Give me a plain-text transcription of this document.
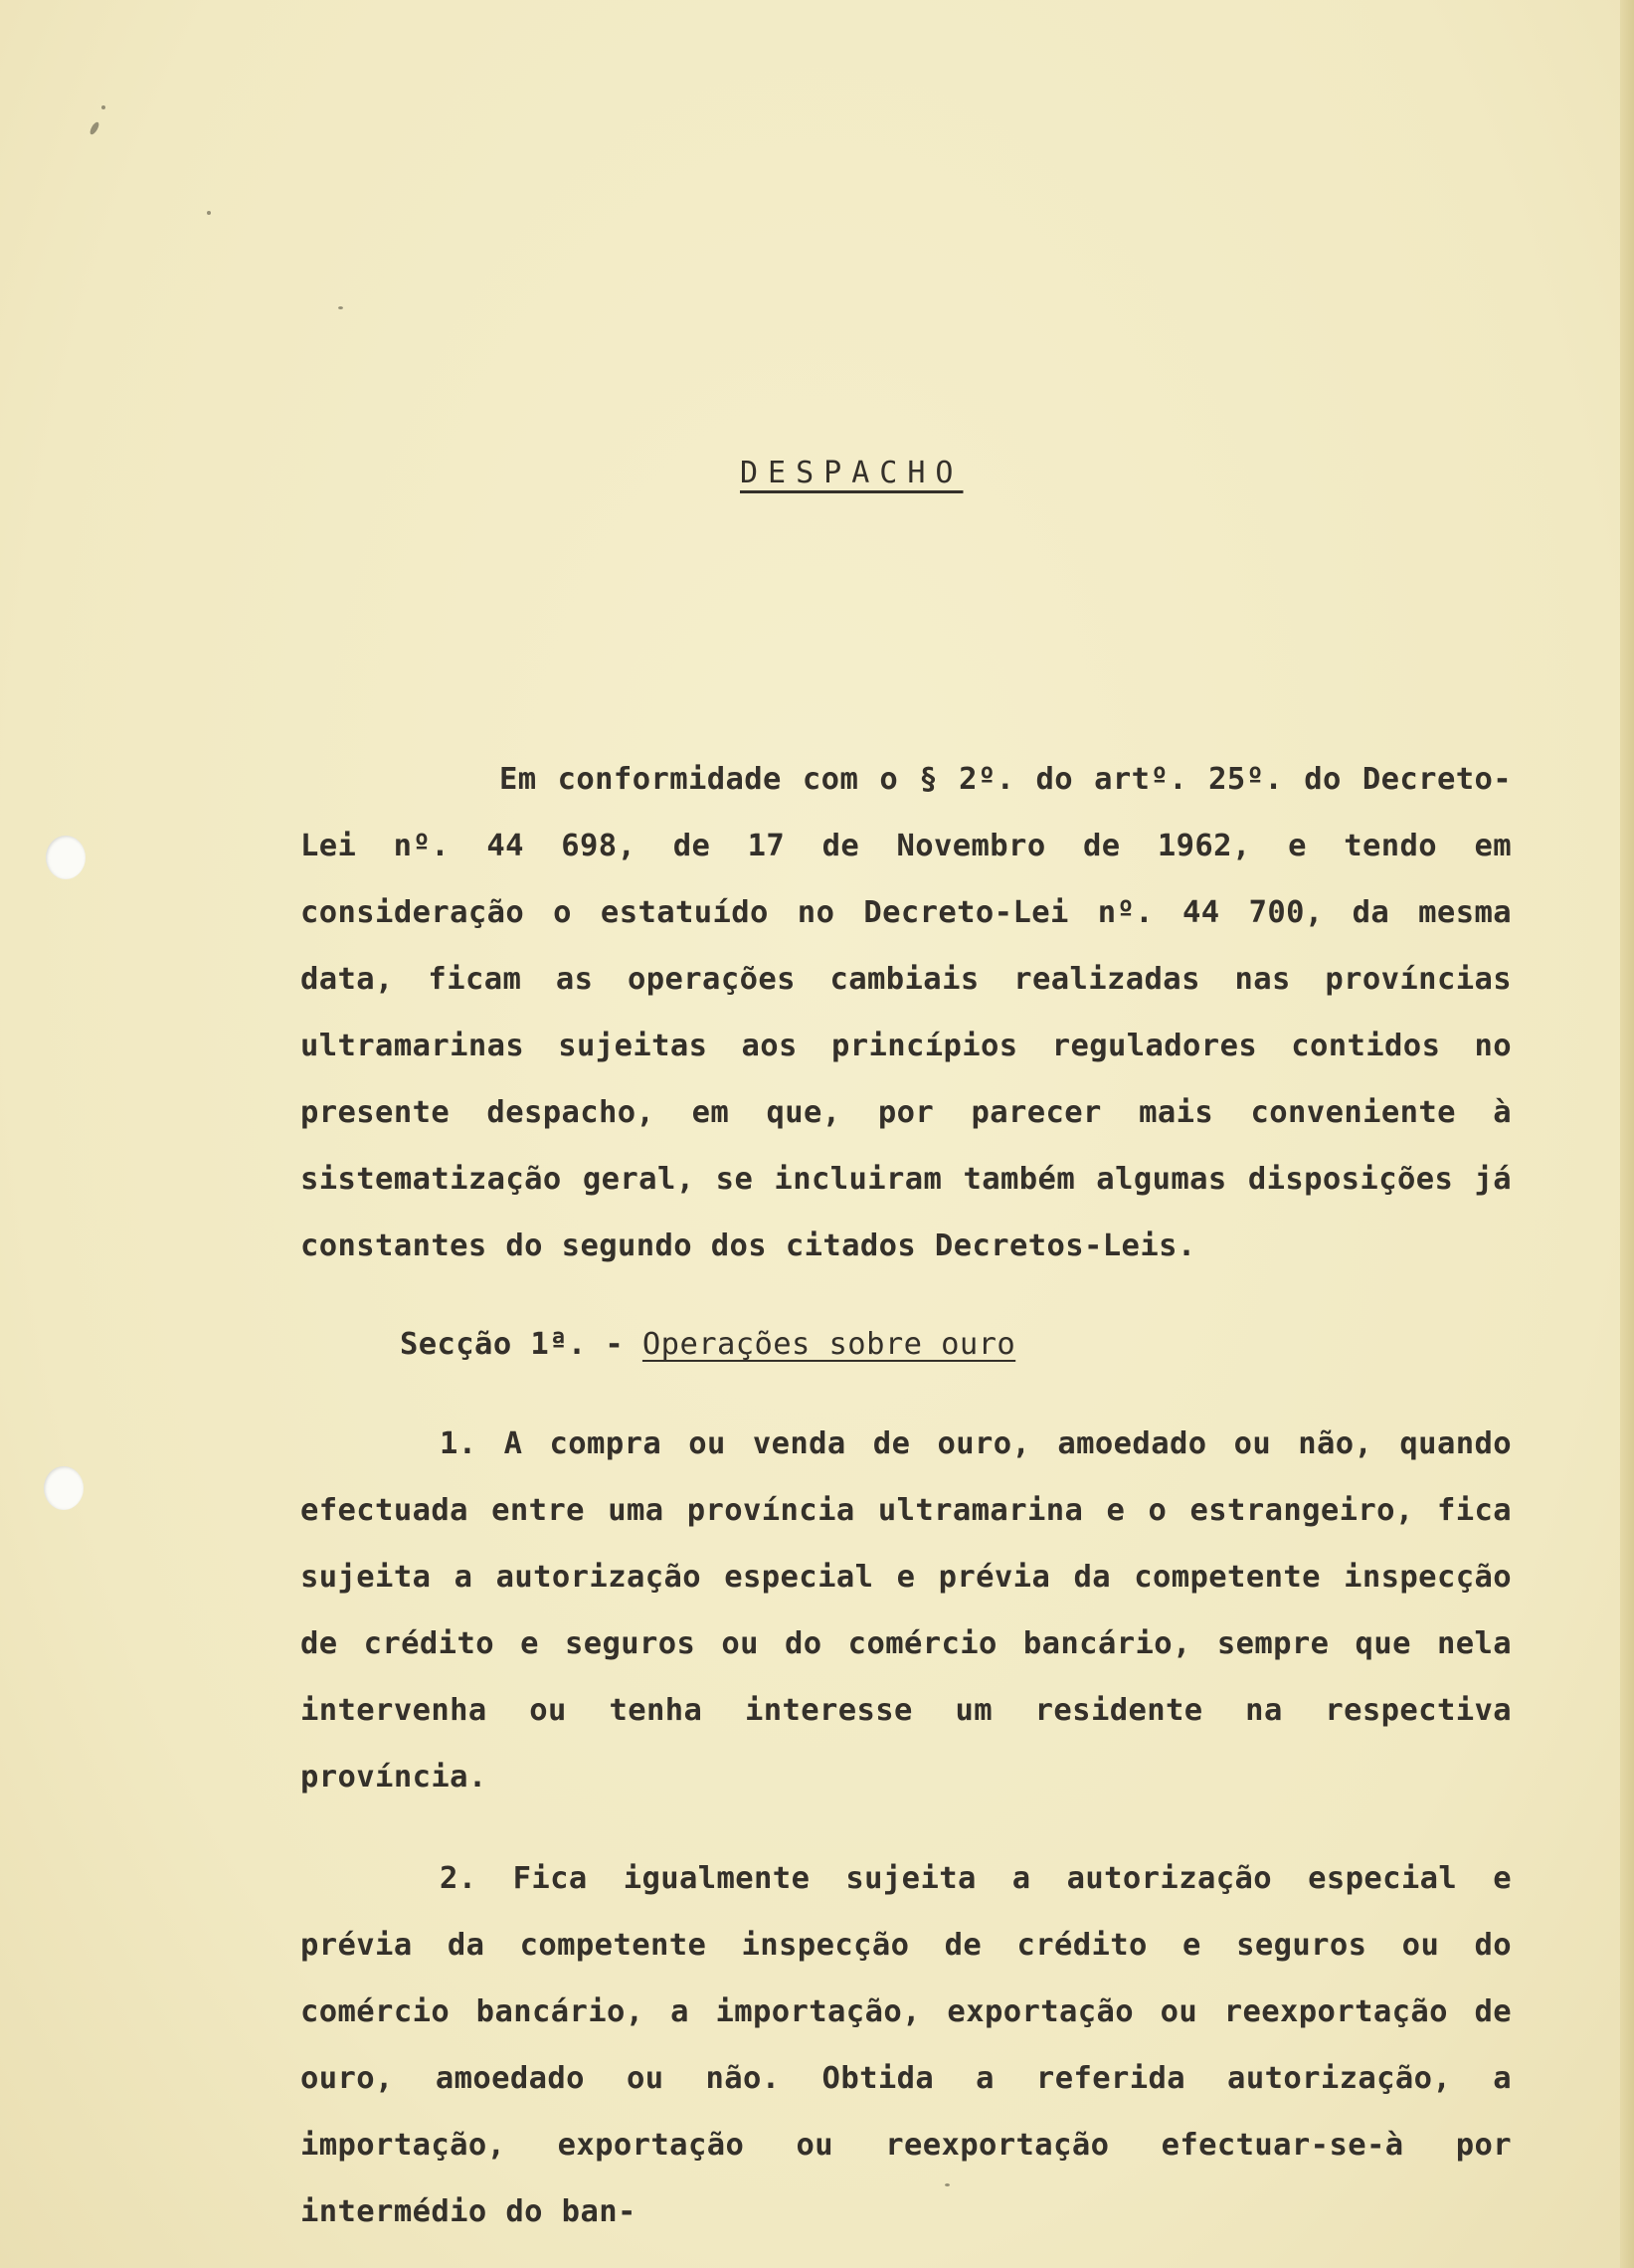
DESPACHO
Em conformidade com o § 2º. do artº. 25º. do Decreto-Lei nº. 44 698, de 17 de Novembro de 1962, e tendo em consideração o estatuído no Decreto-Lei nº. 44 700, da mesma data, ficam as operações cambiais realizadas nas províncias ultramarinas sujeitas aos princípios reguladores contidos no presente despacho, em que, por parecer mais conveniente à sistematização geral, se incluiram também algumas disposições já constantes do segundo dos citados Decretos-Leis.
Secção 1ª. - Operações sobre ouro
1. A compra ou venda de ouro, amoedado ou não, quando efectuada entre uma província ultramarina e o estrangeiro, fica sujeita a autorização especial e prévia da competente inspecção de crédito e seguros ou do comércio bancário, sempre que nela intervenha ou tenha interesse um residente na respectiva província.
2. Fica igualmente sujeita a autorização especial e prévia da competente inspecção de crédito e seguros ou do comércio bancário, a importação, exportação ou reexportação de ouro, amoedado ou não. Obtida a referida autorização, a importação, exportação ou reexportação efectuar-se-à por intermédio do ban-
